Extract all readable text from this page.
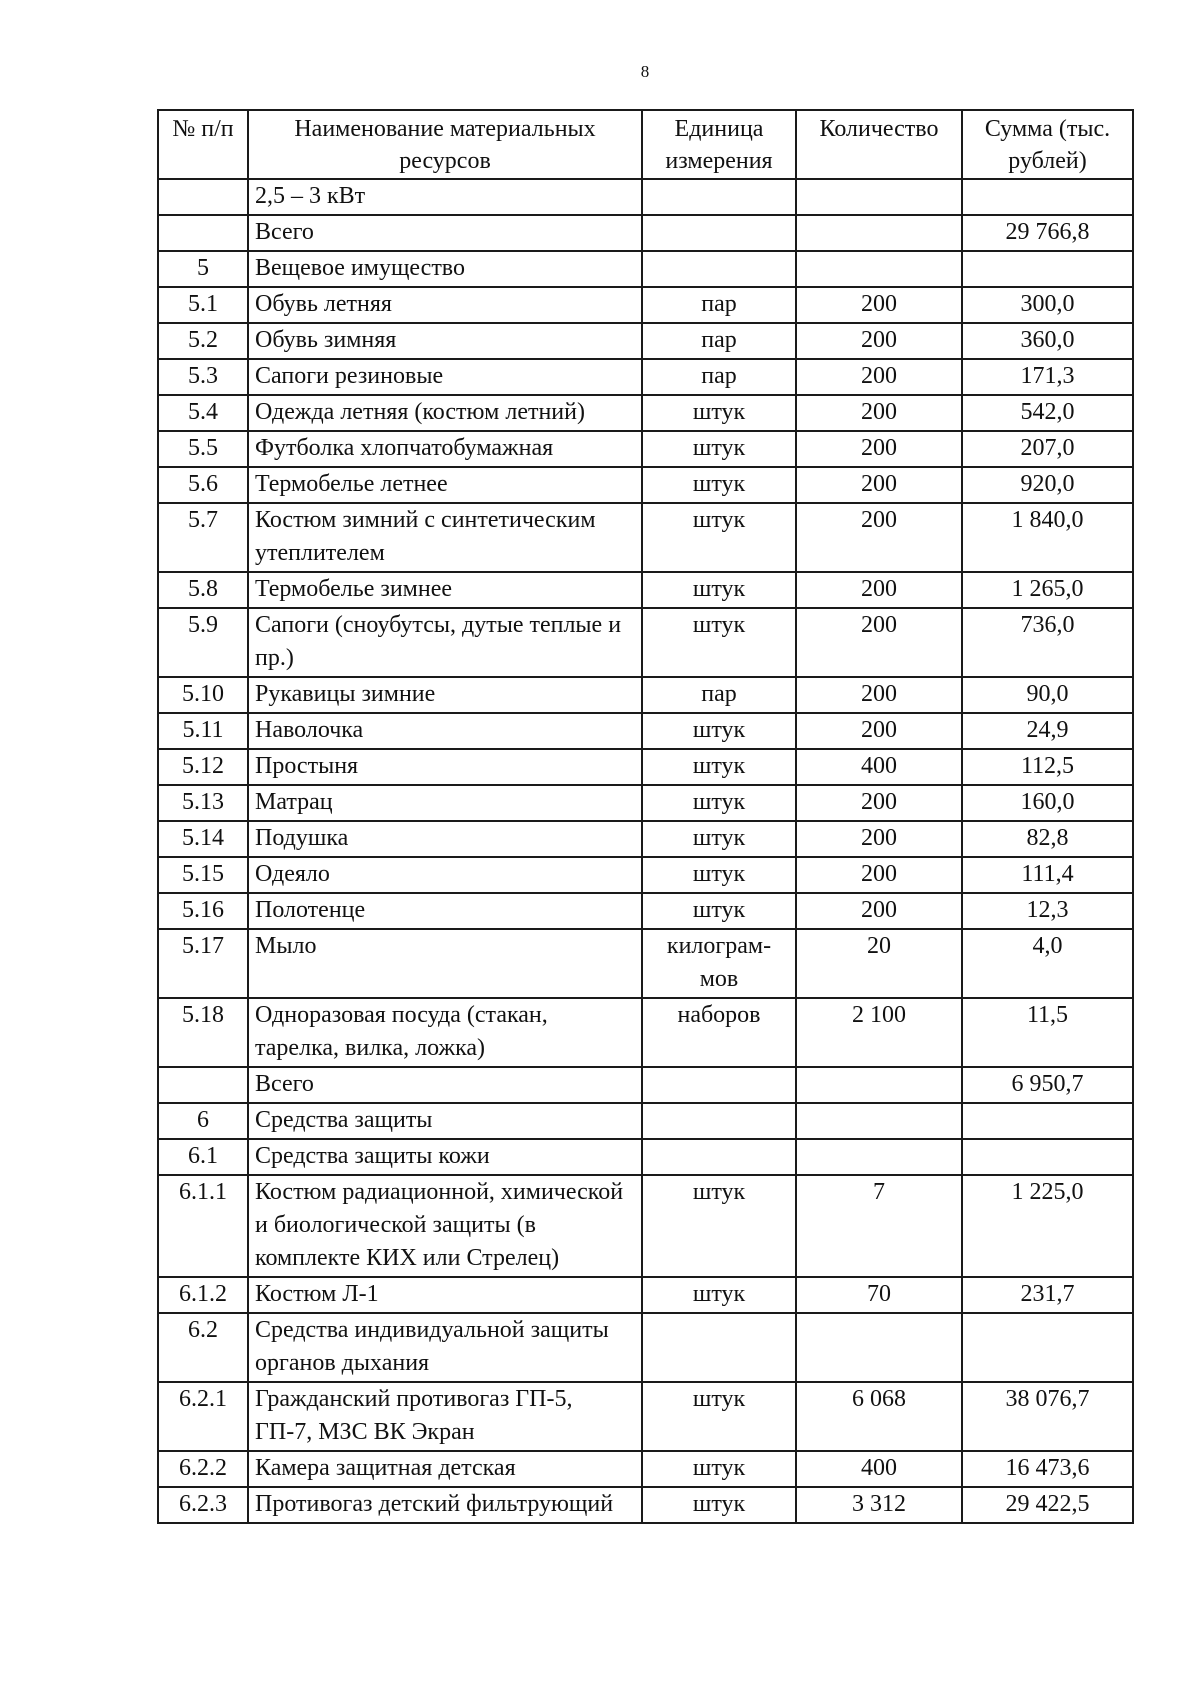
8
№ п/п	Наименование материальных ресурсов	Единица измерения	Количество	Сумма (тыс. рублей)
	2,5 – 3 кВт			
	Всего			29 766,8
5	Вещевое имущество			
5.1	Обувь летняя	пар	200	300,0
5.2	Обувь зимняя	пар	200	360,0
5.3	Сапоги резиновые	пар	200	171,3
5.4	Одежда летняя (костюм летний)	штук	200	542,0
5.5	Футболка хлопчатобумажная	штук	200	207,0
5.6	Термобелье летнее	штук	200	920,0
5.7	Костюм зимний с синтетическим утеплителем	штук	200	1 840,0
5.8	Термобелье зимнее	штук	200	1 265,0
5.9	Сапоги (сноубутсы, дутые теплые и пр.)	штук	200	736,0
5.10	Рукавицы зимние	пар	200	90,0
5.11	Наволочка	штук	200	24,9
5.12	Простыня	штук	400	112,5
5.13	Матрац	штук	200	160,0
5.14	Подушка	штук	200	82,8
5.15	Одеяло	штук	200	111,4
5.16	Полотенце	штук	200	12,3
5.17	Мыло	килограм-мов	20	4,0
5.18	Одноразовая посуда (стакан, тарелка, вилка, ложка)	наборов	2 100	11,5
	Всего			6 950,7
6	Средства защиты			
6.1	Средства защиты кожи			
6.1.1	Костюм радиационной, химической и биологической защиты (в комплекте КИХ или Стрелец)	штук	7	1 225,0
6.1.2	Костюм Л-1	штук	70	231,7
6.2	Средства индивидуальной защиты органов дыхания			
6.2.1	Гражданский противогаз ГП-5, ГП-7, МЗС ВК Экран	штук	6 068	38 076,7
6.2.2	Камера защитная детская	штук	400	16 473,6
6.2.3	Противогаз детский фильтрующий	штук	3 312	29 422,5
